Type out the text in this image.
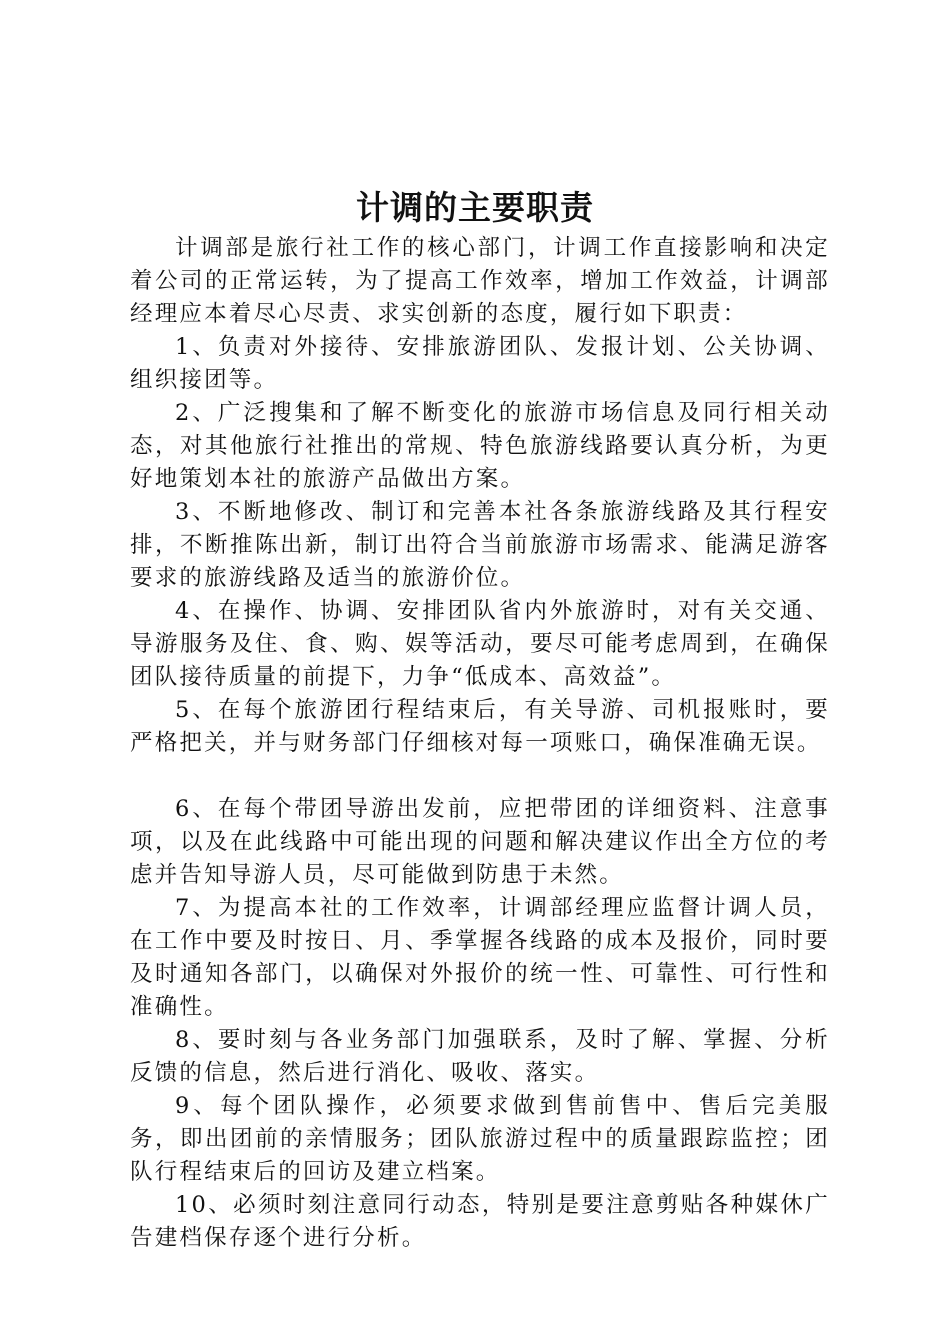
计调的主要职责

计调部是旅行社工作的核心部门，计调工作直接影响和决定着公司的正常运转，为了提高工作效率，增加工作效益，计调部经理应本着尽心尽责、求实创新的态度，履行如下职责：

1、负责对外接待、安排旅游团队、发报计划、公关协调、组织接团等。

2、广泛搜集和了解不断变化的旅游市场信息及同行相关动态，对其他旅行社推出的常规、特色旅游线路要认真分析，为更好地策划本社的旅游产品做出方案。

3、不断地修改、制订和完善本社各条旅游线路及其行程安排，不断推陈出新，制订出符合当前旅游市场需求、能满足游客要求的旅游线路及适当的旅游价位。

4、在操作、协调、安排团队省内外旅游时，对有关交通、导游服务及住、食、购、娱等活动，要尽可能考虑周到，在确保团队接待质量的前提下，力争“低成本、高效益”。

5、在每个旅游团行程结束后，有关导游、司机报账时，要严格把关，并与财务部门仔细核对每一项账口，确保准确无误。

6、在每个带团导游出发前，应把带团的详细资料、注意事项，以及在此线路中可能出现的问题和解决建议作出全方位的考虑并告知导游人员，尽可能做到防患于未然。

7、为提高本社的工作效率，计调部经理应监督计调人员，在工作中要及时按日、月、季掌握各线路的成本及报价，同时要及时通知各部门，以确保对外报价的统一性、可靠性、可行性和准确性。

8、要时刻与各业务部门加强联系，及时了解、掌握、分析反馈的信息，然后进行消化、吸收、落实。

9、每个团队操作，必须要求做到售前售中、售后完美服务，即出团前的亲情服务；团队旅游过程中的质量跟踪监控；团队行程结束后的回访及建立档案。

10、必须时刻注意同行动态，特别是要注意剪贴各种媒休广告建档保存逐个进行分析。
